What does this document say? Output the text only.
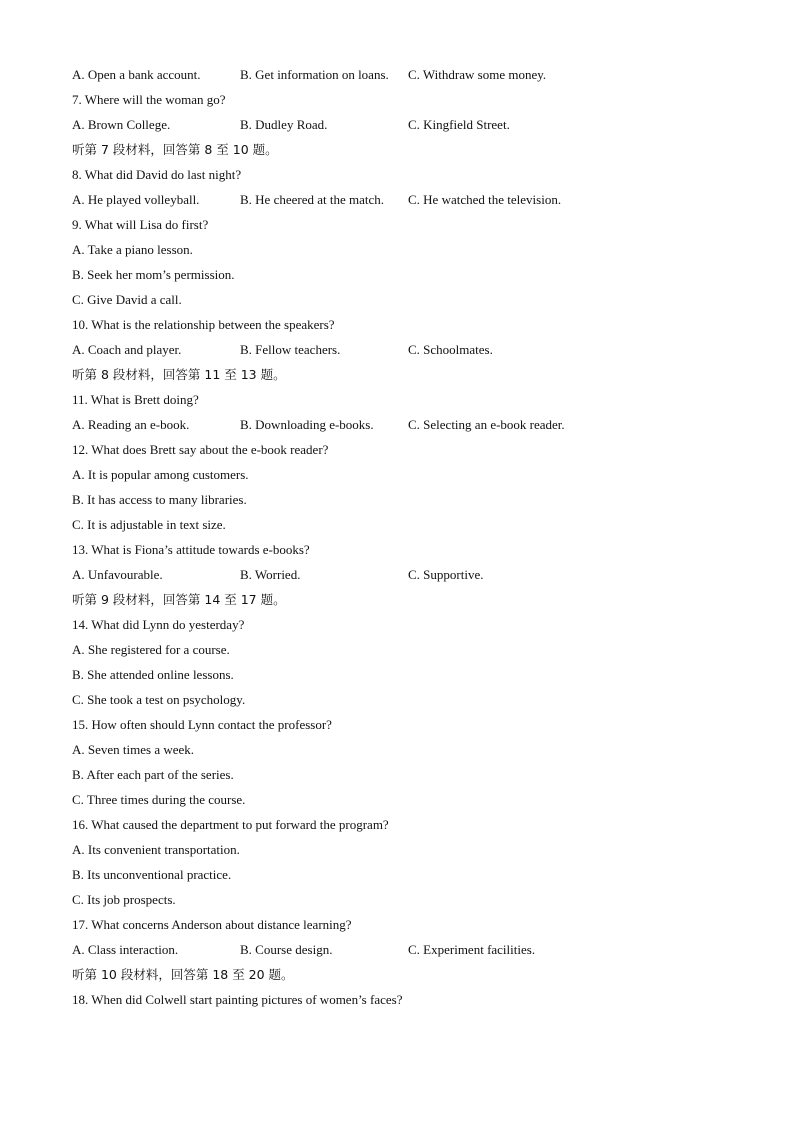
A. Open a bank account.	B. Get information on loans. C. Withdraw some money.
7. Where will the woman go?
A. Brown College.	B. Dudley Road.	C. Kingfield Street.
听第 7 段材料，回答第 8 至 10 题。
8. What did David do last night?
A. He played volleyball.	B. He cheered at the match. C. He watched the television.
9. What will Lisa do first?
A. Take a piano lesson.
B. Seek her mom’s permission.
C. Give David a call.
10. What is the relationship between the speakers?
A. Coach and player.	B. Fellow teachers.	C. Schoolmates.
听第 8 段材料，回答第 11 至 13 题。
11. What is Brett doing?
A. Reading an e-book.	B. Downloading e-books.	C. Selecting an e-book reader.
12. What does Brett say about the e-book reader?
A. It is popular among customers.
B. It has access to many libraries.
C. It is adjustable in text size.
13. What is Fiona’s attitude towards e-books?
A. Unfavourable.	B. Worried.	C. Supportive.
听第 9 段材料，回答第 14 至 17 题。
14. What did Lynn do yesterday?
A. She registered for a course.
B. She attended online lessons.
C. She took a test on psychology.
15. How often should Lynn contact the professor?
A. Seven times a week.
B. After each part of the series.
C. Three times during the course.
16. What caused the department to put forward the program?
A. Its convenient transportation.
B. Its unconventional practice.
C. Its job prospects.
17. What concerns Anderson about distance learning?
A. Class interaction.	B. Course design.	C. Experiment facilities.
听第 10 段材料，回答第 18 至 20 题。
18. When did Colwell start painting pictures of women’s faces?
